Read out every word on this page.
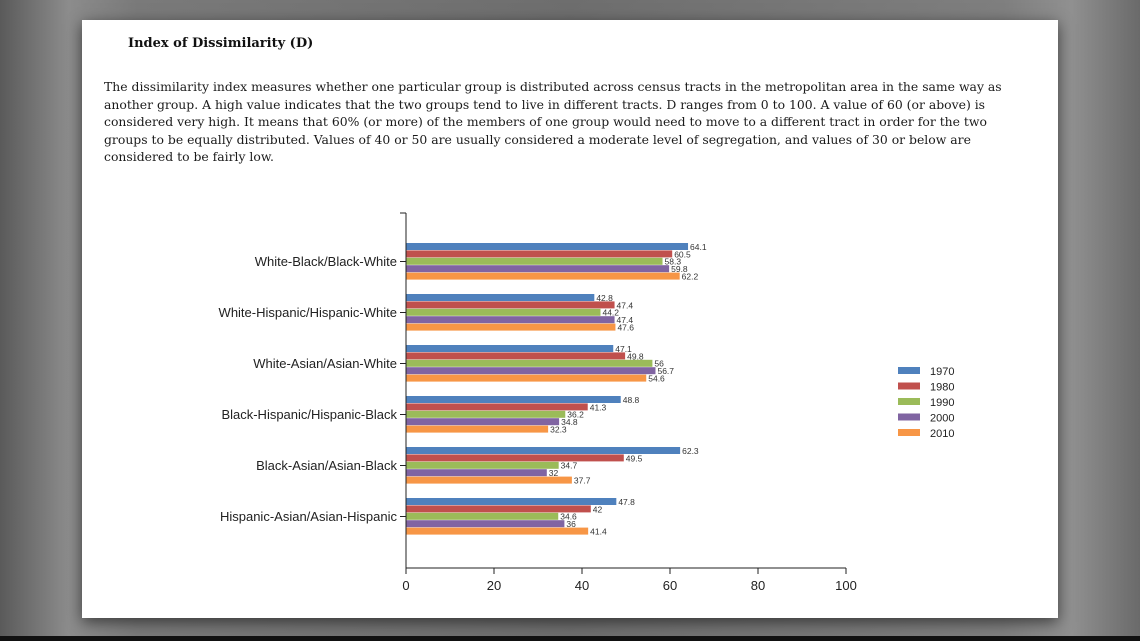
Index of Dissimilarity (D)

The dissimilarity index measures whether one particular group is distributed across census tracts in the metropolitan area in the same way as another group. A high value indicates that the two groups tend to live in different tracts. D ranges from 0 to 100. A value of 60 (or above) is considered very high. It means that 60% (or more) of the members of one group would need to move to a different tract in order for the two groups to be equally distributed. Values of 40 or 50 are usually considered a moderate level of segregation, and values of 30 or below are considered to be fairly low.

64.1
60.5
58.3
59.8
62.2
42.8
47.4
44.2
47.4
47.6
47.1
49.8
56
56.7
54.6
48.8
41.3
36.2
34.8
32.3
62.3
49.5
34.7
32
37.7
47.8
42
34.6
36
41.4
White-Black/Black-White
White-Hispanic/Hispanic-White
White-Asian/Asian-White
Black-Hispanic/Hispanic-Black
Black-Asian/Asian-Black
Hispanic-Asian/Asian-Hispanic
0	20	40	60	80	100
1970
1980
1990
2000
2010
